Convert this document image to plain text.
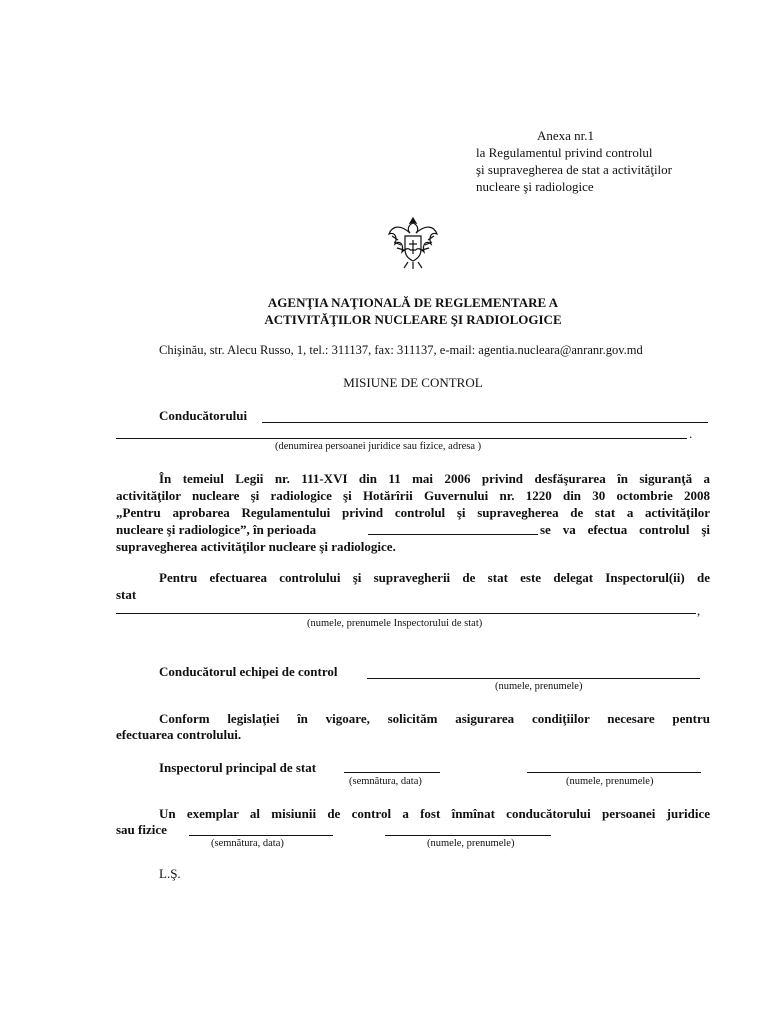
Anexa nr.1
la Regulamentul privind controlul
şi supravegherea de stat a activităţilor
nucleare şi radiologice
AGENŢIA NAŢIONALĂ DE REGLEMENTARE A
ACTIVITĂŢILOR NUCLEARE ŞI RADIOLOGICE
Chişinău, str. Alecu Russo, 1, tel.: 311137, fax: 311137, e-mail: agentia.nucleara@anranr.gov.md
MISIUNE DE CONTROL
Conducătorului
.
(denumirea persoanei juridice sau fizice, adresa )
În temeiul Legii nr. 111-XVI din 11 mai 2006 privind desfăşurarea în siguranţă a
activităţilor nucleare şi radiologice şi Hotărîrii Guvernului nr. 1220 din 30 octombrie 2008
„Pentru aprobarea Regulamentului privind controlul şi supravegherea de stat a activităţilor
nucleare şi radiologice”, în perioada	se va efectua controlul şi
supravegherea activităţilor nucleare şi radiologice.
Pentru efectuarea controlului şi supravegherii de stat este delegat Inspectorul(ii) de
stat
,
(numele, prenumele Inspectorului de stat)
Conducătorul echipei de control
(numele, prenumele)
Conform legislaţiei în vigoare, solicităm asigurarea condiţiilor necesare pentru
efectuarea controlului.
Inspectorul principal de stat
(semnătura, data)	(numele, prenumele)
Un exemplar al misiunii de control a fost înmînat conducătorului persoanei juridice
sau fizice
(semnătura, data)	(numele, prenumele)
L.Ş.
